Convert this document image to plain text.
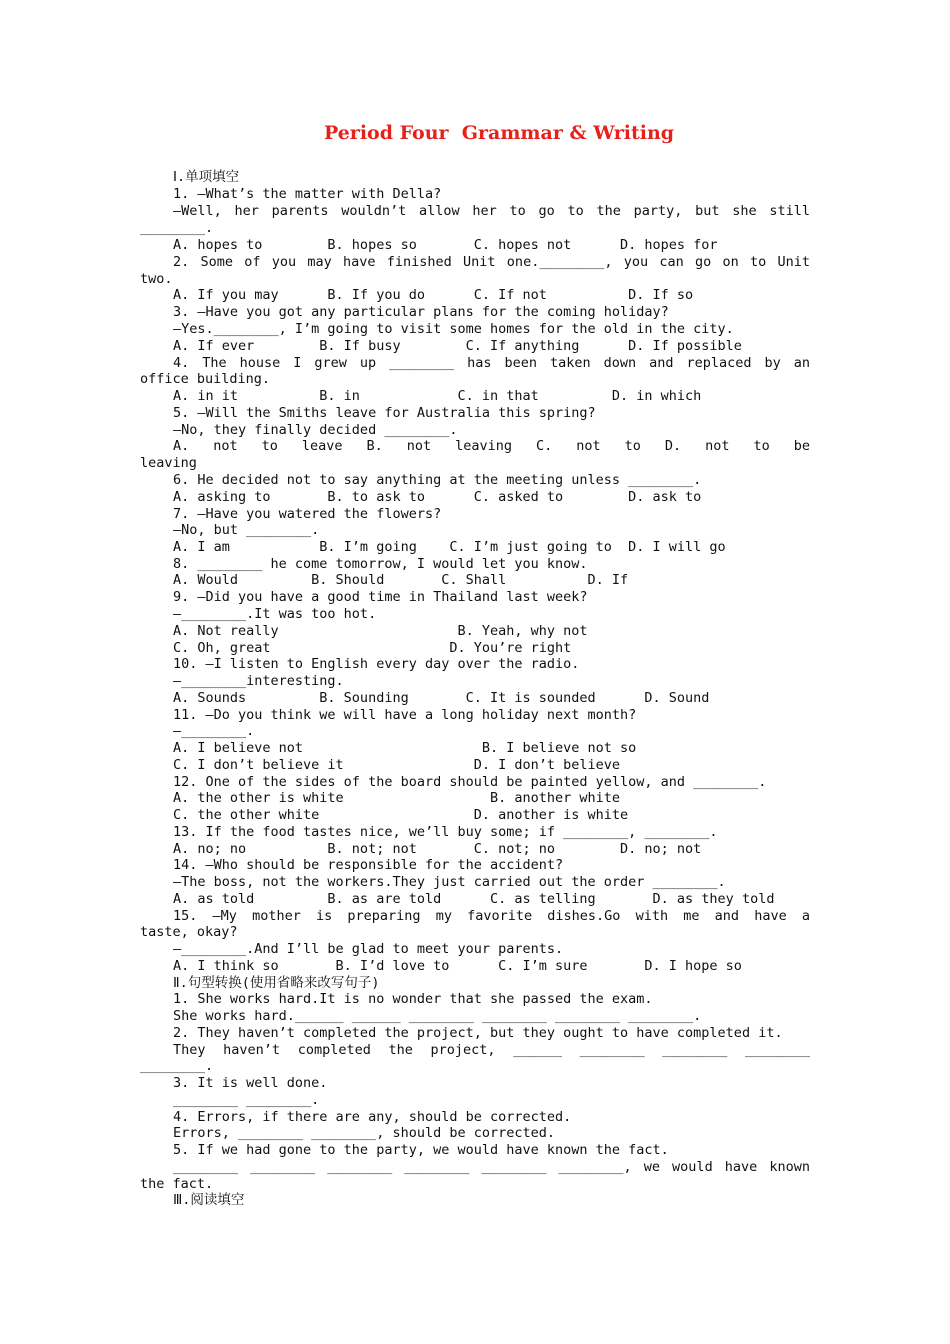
Period Four  Grammar & Writing
Ⅰ.单项填空
1. —What’s the matter with Della?
—Well, her parents wouldn’t allow her to go to the party, but she still
________.
A. hopes to        B. hopes so       C. hopes not      D. hopes for
2. Some of you may have finished Unit one.________, you can go on to Unit
two.
A. If you may      B. If you do      C. If not          D. If so
3. —Have you got any particular plans for the coming holiday?
—Yes.________, I’m going to visit some homes for the old in the city.
A. If ever        B. If busy        C. If anything      D. If possible
4. The house I grew up ________ has been taken down and replaced by an
office building.
A. in it          B. in            C. in that         D. in which
5. —Will the Smiths leave for Australia this spring?
—No, they finally decided ________.
A. not to leave B. not leaving C. not to D. not to be
leaving
6. He decided not to say anything at the meeting unless ________.
A. asking to       B. to ask to      C. asked to        D. ask to
7. —Have you watered the flowers?
—No, but ________.
A. I am           B. I’m going    C. I’m just going to  D. I will go
8. ________ he come tomorrow, I would let you know.
A. Would         B. Should       C. Shall          D. If
9. —Did you have a good time in Thailand last week?
—________.It was too hot.
A. Not really                      B. Yeah, why not
C. Oh, great                      D. You’re right
10. —I listen to English every day over the radio.
—________interesting.
A. Sounds         B. Sounding       C. It is sounded      D. Sound
11. —Do you think we will have a long holiday next month?
—________.
A. I believe not                      B. I believe not so
C. I don’t believe it                D. I don’t believe
12. One of the sides of the board should be painted yellow, and ________.
A. the other is white                  B. another white
C. the other white                   D. another is white
13. If the food tastes nice, we’ll buy some; if ________, ________.
A. no; no          B. not; not       C. not; no        D. no; not
14. —Who should be responsible for the accident?
—The boss, not the workers.They just carried out the order ________.
A. as told         B. as are told      C. as telling       D. as they told
15. —My mother is preparing my favorite dishes.Go with me and have a
taste, okay?
—________.And I’ll be glad to meet your parents.
A. I think so       B. I’d love to      C. I’m sure       D. I hope so
Ⅱ.句型转换(使用省略来改写句子)
1. She works hard.It is no wonder that she passed the exam.
She works hard.______ ______ ________ ________ ________ ________.
2. They haven’t completed the project, but they ought to have completed it.
They haven’t completed the project, ______ ________ ________ ________
________.
3. It is well done.
________ ________.
4. Errors, if there are any, should be corrected.
Errors, ________ ________, should be corrected.
5. If we had gone to the party, we would have known the fact.
________ ________ ________ ________ ________ ________, we would have known
the fact.
Ⅲ.阅读填空
